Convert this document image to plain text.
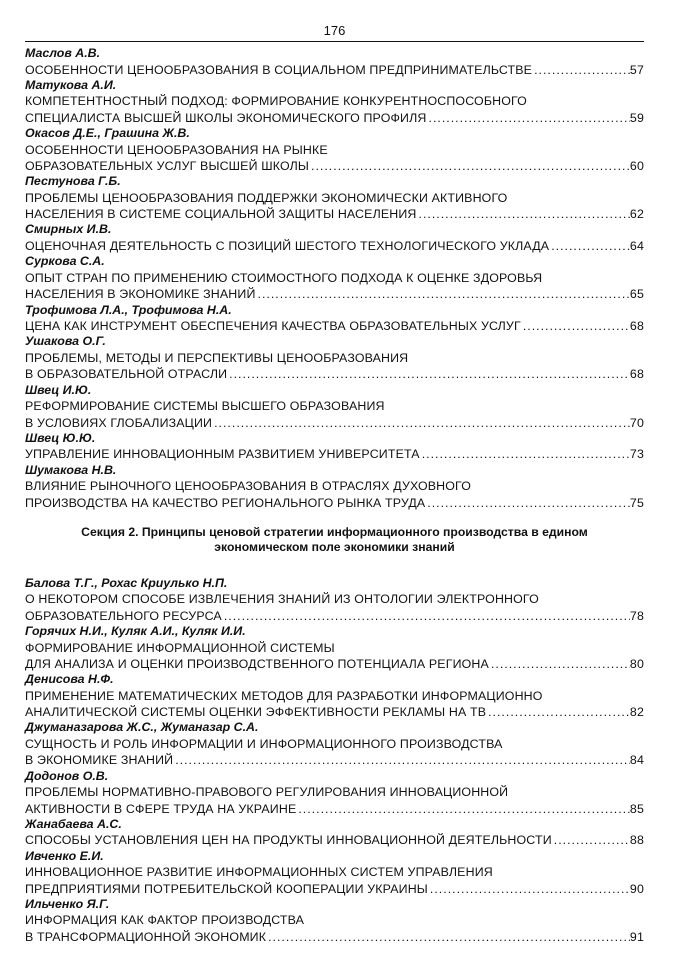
176
Маслов А.В.
ОСОБЕННОСТИ ЦЕНООБРАЗОВАНИЯ В СОЦИАЛЬНОМ ПРЕДПРИНИМАТЕЛЬСТВЕ .....	57
Матукова А.И.
КОМПЕТЕНТНОСТНЫЙ ПОДХОД: ФОРМИРОВАНИЕ КОНКУРЕНТНОСПОСОБНОГО
СПЕЦИАЛИСТА ВЫСШЕЙ ШКОЛЫ ЭКОНОМИЧЕСКОГО ПРОФИЛЯ .....	59
Окасов Д.Е., Грашина Ж.В.
ОСОБЕННОСТИ ЦЕНООБРАЗОВАНИЯ НА РЫНКЕ
ОБРАЗОВАТЕЛЬНЫХ УСЛУГ ВЫСШЕЙ ШКОЛЫ .....	60
Пестунова Г.Б.
ПРОБЛЕМЫ ЦЕНООБРАЗОВАНИЯ ПОДДЕРЖКИ ЭКОНОМИЧЕСКИ АКТИВНОГО
НАСЕЛЕНИЯ В СИСТЕМЕ СОЦИАЛЬНОЙ ЗАЩИТЫ НАСЕЛЕНИЯ .....	62
Смирных И.В.
ОЦЕНОЧНАЯ ДЕЯТЕЛЬНОСТЬ С ПОЗИЦИЙ ШЕСТОГО ТЕХНОЛОГИЧЕСКОГО УКЛАДА .....	64
Суркова С.А.
ОПЫТ СТРАН ПО ПРИМЕНЕНИЮ СТОИМОСТНОГО ПОДХОДА К ОЦЕНКЕ ЗДОРОВЬЯ
НАСЕЛЕНИЯ В ЭКОНОМИКЕ ЗНАНИЙ .....	65
Трофимова Л.А., Трофимова Н.А.
ЦЕНА КАК ИНСТРУМЕНТ ОБЕСПЕЧЕНИЯ КАЧЕСТВА ОБРАЗОВАТЕЛЬНЫХ УСЛУГ .....	68
Ушакова О.Г.
ПРОБЛЕМЫ, МЕТОДЫ И ПЕРСПЕКТИВЫ ЦЕНООБРАЗОВАНИЯ
В ОБРАЗОВАТЕЛЬНОЙ ОТРАСЛИ .....	68
Швец И.Ю.
РЕФОРМИРОВАНИЕ СИСТЕМЫ ВЫСШЕГО ОБРАЗОВАНИЯ
В УСЛОВИЯХ ГЛОБАЛИЗАЦИИ .....	70
Швец Ю.Ю.
УПРАВЛЕНИЕ ИННОВАЦИОННЫМ РАЗВИТИЕМ УНИВЕРСИТЕТА .....	73
Шумакова Н.В.
ВЛИЯНИЕ РЫНОЧНОГО ЦЕНООБРАЗОВАНИЯ В ОТРАСЛЯХ ДУХОВНОГО
ПРОИЗВОДСТВА НА КАЧЕСТВО РЕГИОНАЛЬНОГО РЫНКА ТРУДА .....	75
Секция 2. Принципы ценовой стратегии информационного производства в едином
экономическом поле экономики знаний
Балова Т.Г., Рохас Криулько Н.П.
О НЕКОТОРОМ СПОСОБЕ ИЗВЛЕЧЕНИЯ ЗНАНИЙ ИЗ ОНТОЛОГИИ ЭЛЕКТРОННОГО
ОБРАЗОВАТЕЛЬНОГО РЕСУРСА .....	78
Горячих Н.И., Куляк А.И., Куляк И.И.
ФОРМИРОВАНИЕ ИНФОРМАЦИОННОЙ СИСТЕМЫ
ДЛЯ АНАЛИЗА И ОЦЕНКИ ПРОИЗВОДСТВЕННОГО ПОТЕНЦИАЛА РЕГИОНА .....	80
Денисова Н.Ф.
ПРИМЕНЕНИЕ МАТЕМАТИЧЕСКИХ МЕТОДОВ ДЛЯ РАЗРАБОТКИ ИНФОРМАЦИОННО
АНАЛИТИЧЕСКОЙ СИСТЕМЫ ОЦЕНКИ ЭФФЕКТИВНОСТИ РЕКЛАМЫ НА ТВ .....	82
Джуманазарова Ж.С., Жуманазар С.А.
СУЩНОСТЬ И РОЛЬ ИНФОРМАЦИИ И ИНФОРМАЦИОННОГО ПРОИЗВОДСТВА
В ЭКОНОМИКЕ ЗНАНИЙ .....	84
Додонов О.В.
ПРОБЛЕМЫ НОРМАТИВНО-ПРАВОВОГО РЕГУЛИРОВАНИЯ ИННОВАЦИОННОЙ
АКТИВНОСТИ В СФЕРЕ ТРУДА НА УКРАИНЕ .....	85
Жанабаева А.С.
СПОСОБЫ УСТАНОВЛЕНИЯ ЦЕН НА ПРОДУКТЫ ИННОВАЦИОННОЙ ДЕЯТЕЛЬНОСТИ .....	88
Ивченко Е.И.
ИННОВАЦИОННОЕ РАЗВИТИЕ ИНФОРМАЦИОННЫХ СИСТЕМ УПРАВЛЕНИЯ
ПРЕДПРИЯТИЯМИ ПОТРЕБИТЕЛЬСКОЙ КООПЕРАЦИИ УКРАИНЫ .....	90
Ильченко Я.Г.
ИНФОРМАЦИЯ КАК ФАКТОР ПРОИЗВОДСТВА
В ТРАНСФОРМАЦИОННОЙ ЭКОНОМИК .....	91
